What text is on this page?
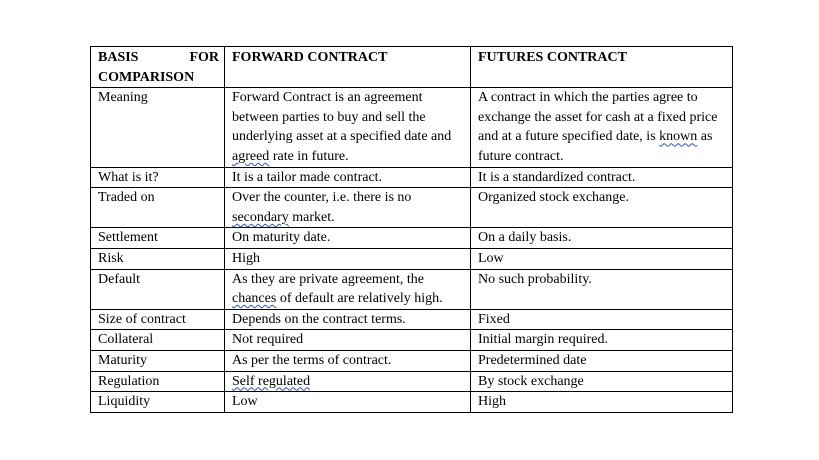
BASIS FOR
COMPARISON	FORWARD CONTRACT	FUTURES CONTRACT
Meaning	Forward Contract is an agreement between parties to buy and sell the underlying asset at a specified date and agreed rate in future.	A contract in which the parties agree to exchange the asset for cash at a fixed price and at a future specified date, is known as future contract.
What is it?	It is a tailor made contract.	It is a standardized contract.
Traded on	Over the counter, i.e. there is no secondary market.	Organized stock exchange.
Settlement	On maturity date.	On a daily basis.
Risk	High	Low
Default	As they are private agreement, the chances of default are relatively high.	No such probability.
Size of contract	Depends on the contract terms.	Fixed
Collateral	Not required	Initial margin required.
Maturity	As per the terms of contract.	Predetermined date
Regulation	Self regulated	By stock exchange
Liquidity	Low	High
